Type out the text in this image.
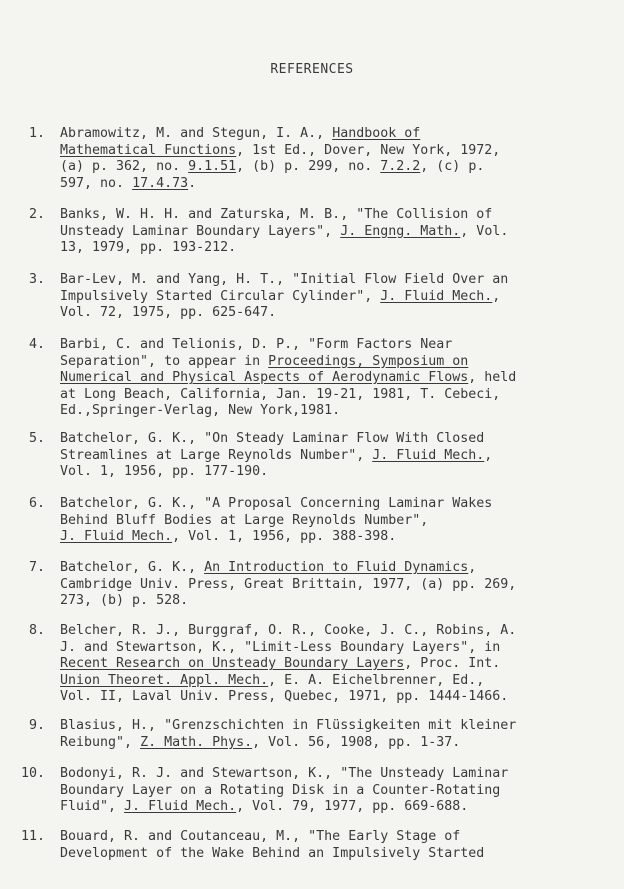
REFERENCES
1. Abramowitz, M. and Stegun, I. A., Handbook of
Mathematical Functions, 1st Ed., Dover, New York, 1972,
(a) p. 362, no. 9.1.51, (b) p. 299, no. 7.2.2, (c) p.
597, no. 17.4.73.
2. Banks, W. H. H. and Zaturska, M. B., "The Collision of
Unsteady Laminar Boundary Layers", J. Engng. Math., Vol.
13, 1979, pp. 193-212.
3. Bar-Lev, M. and Yang, H. T., "Initial Flow Field Over an
Impulsively Started Circular Cylinder", J. Fluid Mech.,
Vol. 72, 1975, pp. 625-647.
4. Barbi, C. and Telionis, D. P., "Form Factors Near
Separation", to appear in Proceedings, Symposium on
Numerical and Physical Aspects of Aerodynamic Flows, held
at Long Beach, California, Jan. 19-21, 1981, T. Cebeci,
Ed.,Springer-Verlag, New York,1981.
5. Batchelor, G. K., "On Steady Laminar Flow With Closed
Streamlines at Large Reynolds Number", J. Fluid Mech.,
Vol. 1, 1956, pp. 177-190.
6. Batchelor, G. K., "A Proposal Concerning Laminar Wakes
Behind Bluff Bodies at Large Reynolds Number",
J. Fluid Mech., Vol. 1, 1956, pp. 388-398.
7. Batchelor, G. K., An Introduction to Fluid Dynamics,
Cambridge Univ. Press, Great Brittain, 1977, (a) pp. 269,
273, (b) p. 528.
8. Belcher, R. J., Burggraf, O. R., Cooke, J. C., Robins, A.
J. and Stewartson, K., "Limit-Less Boundary Layers", in
Recent Research on Unsteady Boundary Layers, Proc. Int.
Union Theoret. Appl. Mech., E. A. Eichelbrenner, Ed.,
Vol. II, Laval Univ. Press, Quebec, 1971, pp. 1444-1466.
9. Blasius, H., "Grenzschichten in Flüssigkeiten mit kleiner
Reibung", Z. Math. Phys., Vol. 56, 1908, pp. 1-37.
10. Bodonyi, R. J. and Stewartson, K., "The Unsteady Laminar
Boundary Layer on a Rotating Disk in a Counter-Rotating
Fluid", J. Fluid Mech., Vol. 79, 1977, pp. 669-688.
11. Bouard, R. and Coutanceau, M., "The Early Stage of
Development of the Wake Behind an Impulsively Started
